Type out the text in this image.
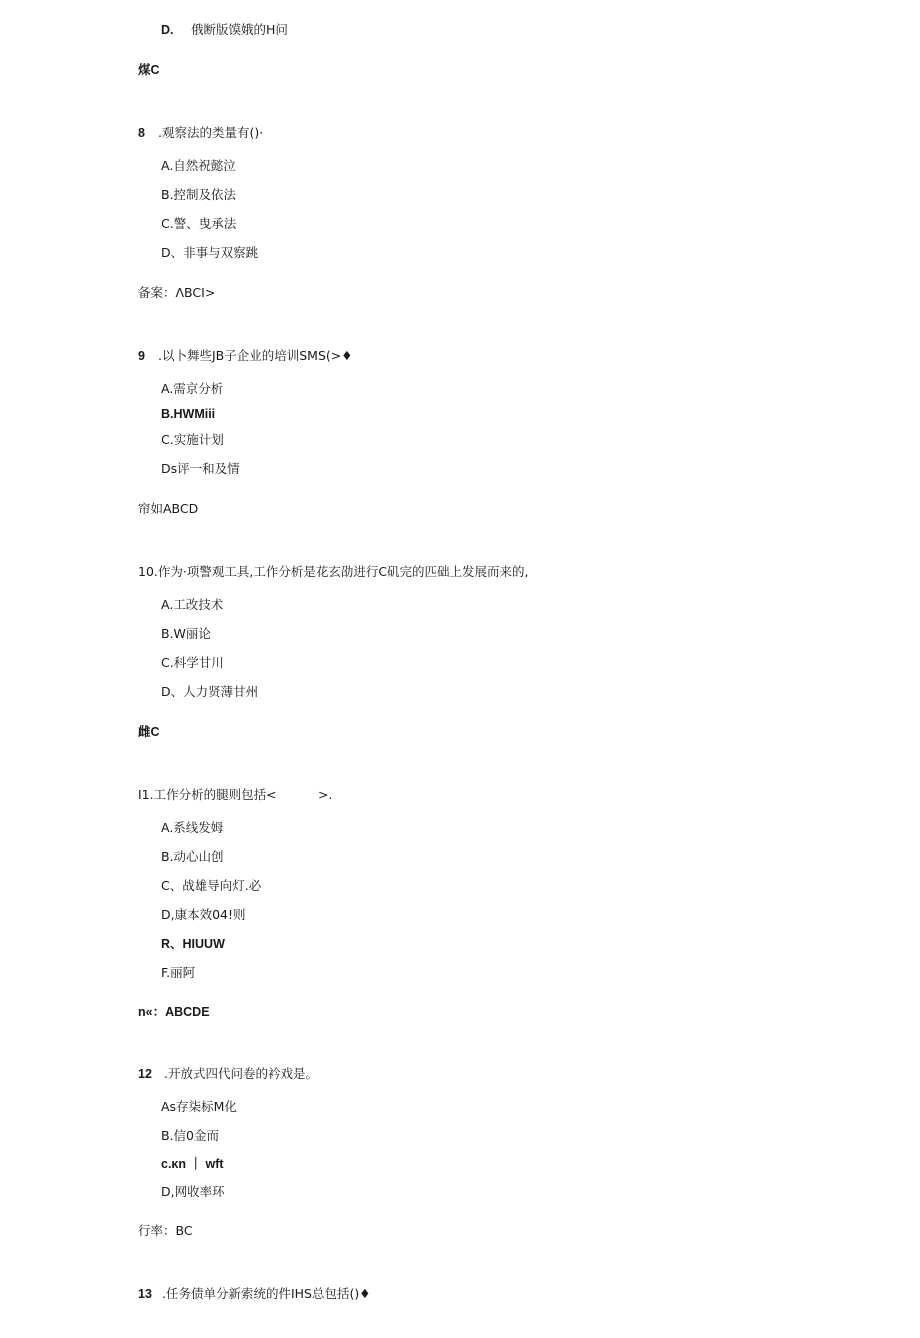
D. 俄断版馍娥的H问
煤C
8 .观察法的类量有()·
A.自然祝懿泣
B.控制及依法
C.警、曳承法
D、非事与双察跳
备案：ΛBCI>
9 .以卜舞些JB子企业的培训SMS(>♦
A.需京分析
B.HWMiii
C.实施计划
Ds评一和及情
帘如ABCD
10.作为·项警观工具,工作分析是花玄劭进行C矶完的匹础上发展而来的,
A.工改技术
B.W丽论
C.科学甘川
D、人力贤薄甘州
雌C
I1.工作分析的腿则包括<	>.
A.系线发姆
B.动心山创
C、战雄导向灯.必
D,康本效04!则
R、HIUUW
F.丽阿
n«：ABCDE
12 .开放式四代问卷的衿戏是。
As存柒标M化
B.信0金而
c.κn ｜ wft
D,网收率环
行率：BC
13 .任务债单分新索统的件IHS总包括()♦
